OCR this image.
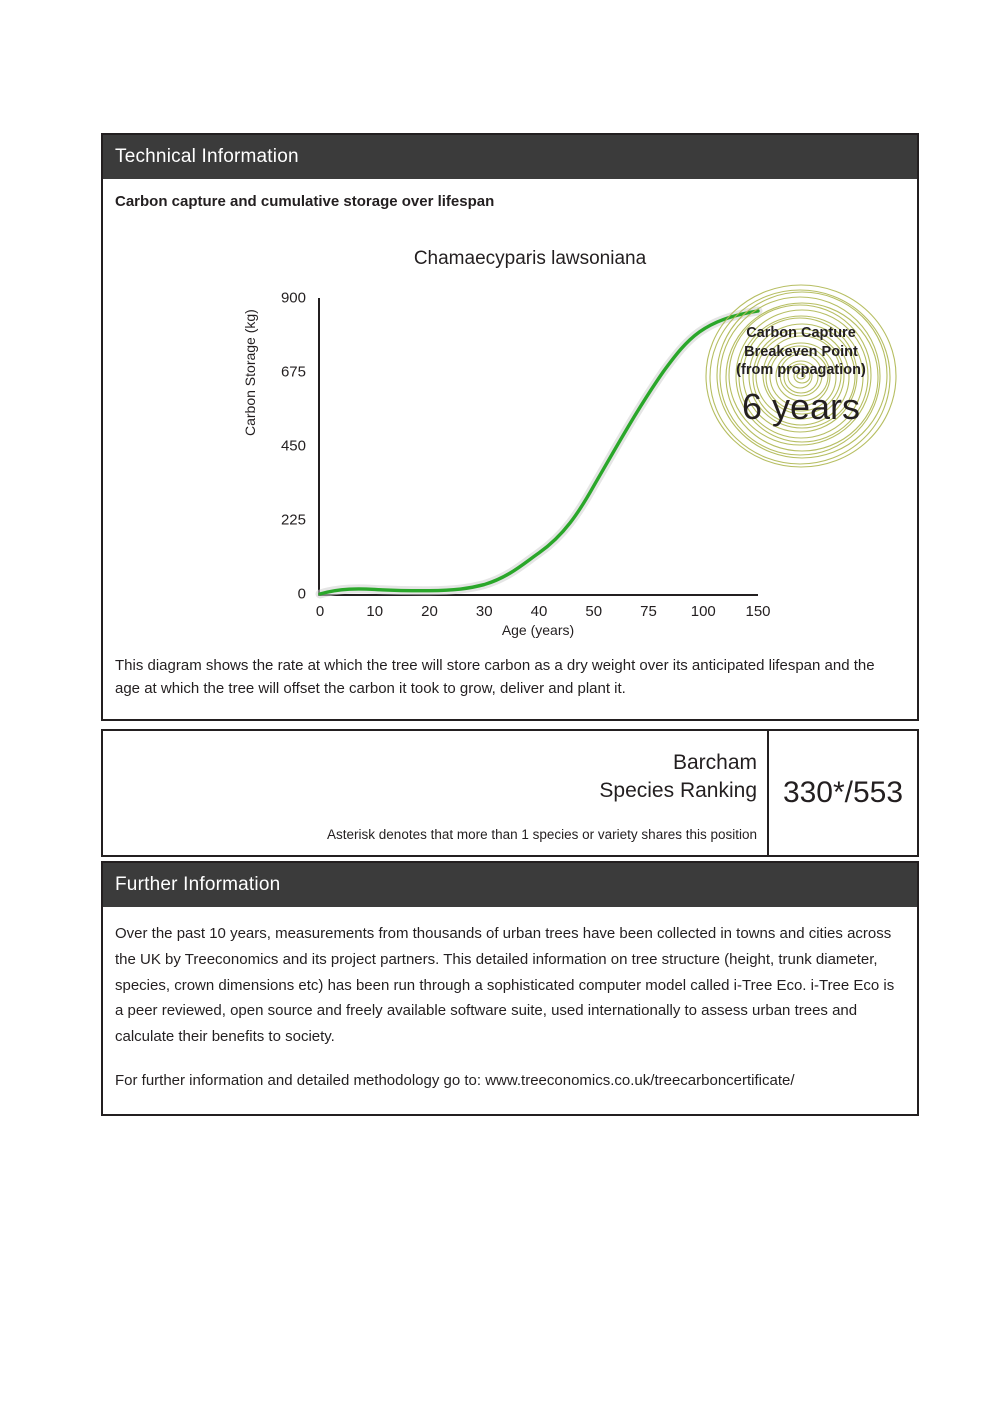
Technical Information
Carbon capture and cumulative storage over lifespan
Chamaecyparis lawsoniana
Carbon Storage (kg)
0
225
450
675
900
0	10	20	30	40	50	75 100 150
Age (years)
Carbon Capture
Breakeven Point
(from propagation)
6 years
This diagram shows the rate at which the tree will store carbon as a dry weight over its anticipated lifespan and the age at which the tree will offset the carbon it took to grow, deliver and plant it.
Barcham
Species Ranking
Asterisk denotes that more than 1 species or variety shares this position
330*/553
Further Information

Over the past 10 years, measurements from thousands of urban trees have been collected in towns and cities across the UK by Treeconomics and its project partners. This detailed information on tree structure (height, trunk diameter, species, crown dimensions etc) has been run through a sophisticated computer model called i-Tree Eco. i-Tree Eco is a peer reviewed, open source and freely available software suite, used internationally to assess urban trees and calculate their benefits to society.

For further information and detailed methodology go to: www.treeconomics.co.uk/treecarboncertificate/
